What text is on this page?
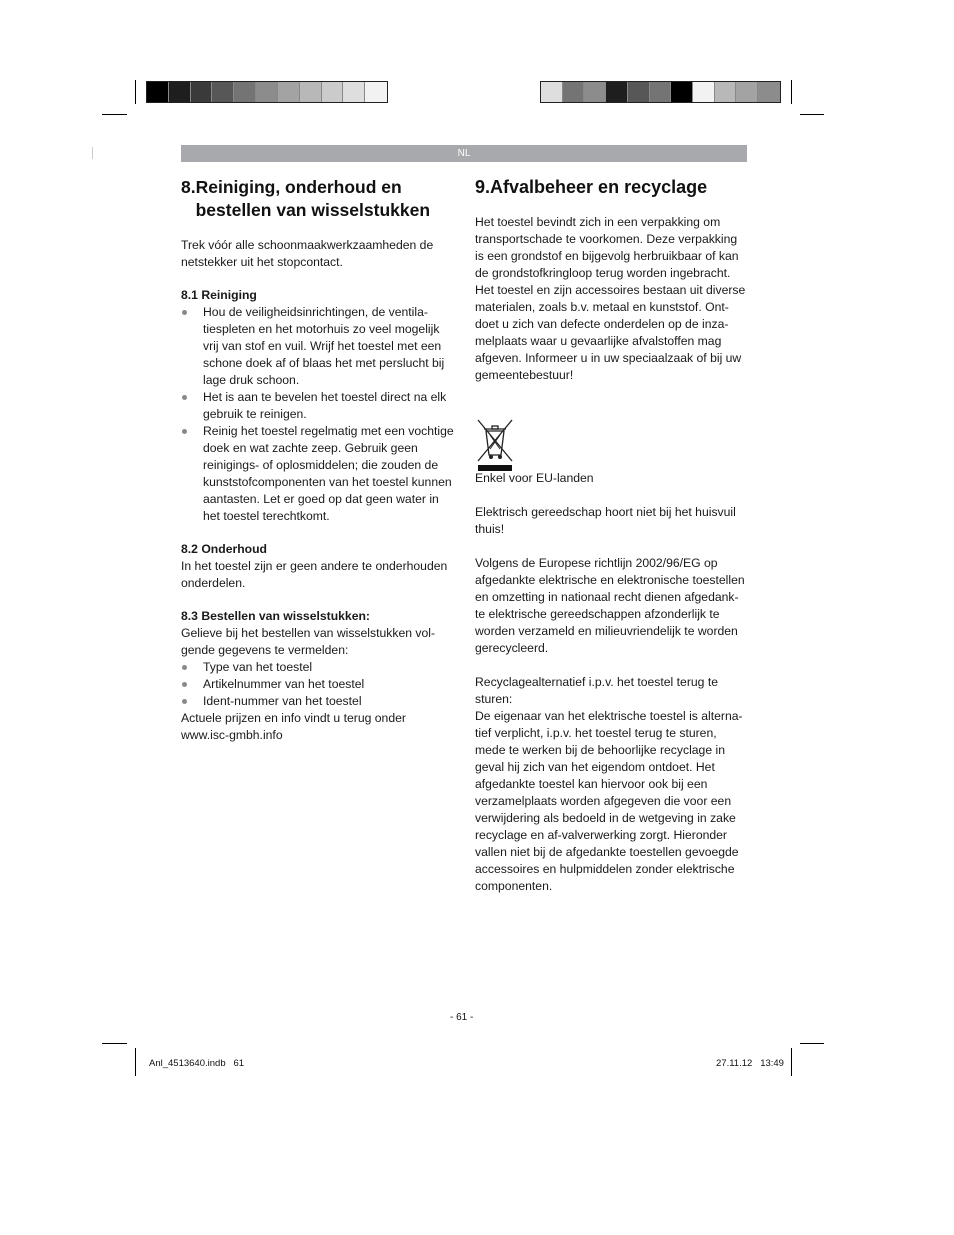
NL
8. Reiniging, onderhoud en bestellen van wisselstukken

Trek vóór alle schoonmaakwerkzaamheden de netstekker uit het stopcontact.

8.1 Reiniging

Hou de veiligheidsinrichtingen, de ventila-tiespleten en het motorhuis zo veel mogelijk vrij van stof en vuil. Wrijf het toestel met een schone doek af of blaas het met perslucht bij lage druk schoon.
Het is aan te bevelen het toestel direct na elk gebruik te reinigen.
Reinig het toestel regelmatig met een vochtige doek en wat zachte zeep. Gebruik geen reinigings- of oplosmiddelen; die zouden de kunststofcomponenten van het toestel kunnen aantasten. Let er goed op dat geen water in het toestel terechtkomt.

8.2 Onderhoud

In het toestel zijn er geen andere te onderhouden onderdelen.

8.3 Bestellen van wisselstukken:

Gelieve bij het bestellen van wisselstukken vol-gende gegevens te vermelden:

Type van het toestel
Artikelnummer van het toestel
Ident-nummer van het toestel

Actuele prijzen en info vindt u terug onder www.isc-gmbh.info

9.Afvalbeheer en recyclage

Het toestel bevindt zich in een verpakking om transportschade te voorkomen. Deze verpakking is een grondstof en bijgevolg herbruikbaar of kan de grondstofkringloop terug worden ingebracht. Het toestel en zijn accessoires bestaan uit diverse materialen, zoals b.v. metaal en kunststof. Ont-doet u zich van defecte onderdelen op de inza-melplaats waar u gevaarlijke afvalstoffen mag afgeven. Informeer u in uw speciaalzaak of bij uw gemeentebestuur!

Enkel voor EU-landen

Elektrisch gereedschap hoort niet bij het huisvuil thuis!

Volgens de Europese richtlijn 2002/96/EG op afgedankte elektrische en elektronische toestellen en omzetting in nationaal recht dienen afgedank-te elektrische gereedschappen afzonderlijk te worden verzameld en milieuvriendelijk te worden gerecycleerd.

Recyclagealternatief i.p.v. het toestel terug te sturen:

De eigenaar van het elektrische toestel is alterna-tief verplicht, i.p.v. het toestel terug te sturen, mede te werken bij de behoorlijke recyclage in geval hij zich van het eigendom ontdoet. Het afgedankte toestel kan hiervoor ook bij een verzamelplaats worden afgegeven die voor een verwijdering als bedoeld in de wetgeving in zake recyclage en af-valverwerking zorgt. Hieronder vallen niet bij de afgedankte toestellen gevoegde accessoires en hulpmiddelen zonder elektrische componenten.

- 61 -
Anl_4513640.indb   61	27.11.12   13:49
